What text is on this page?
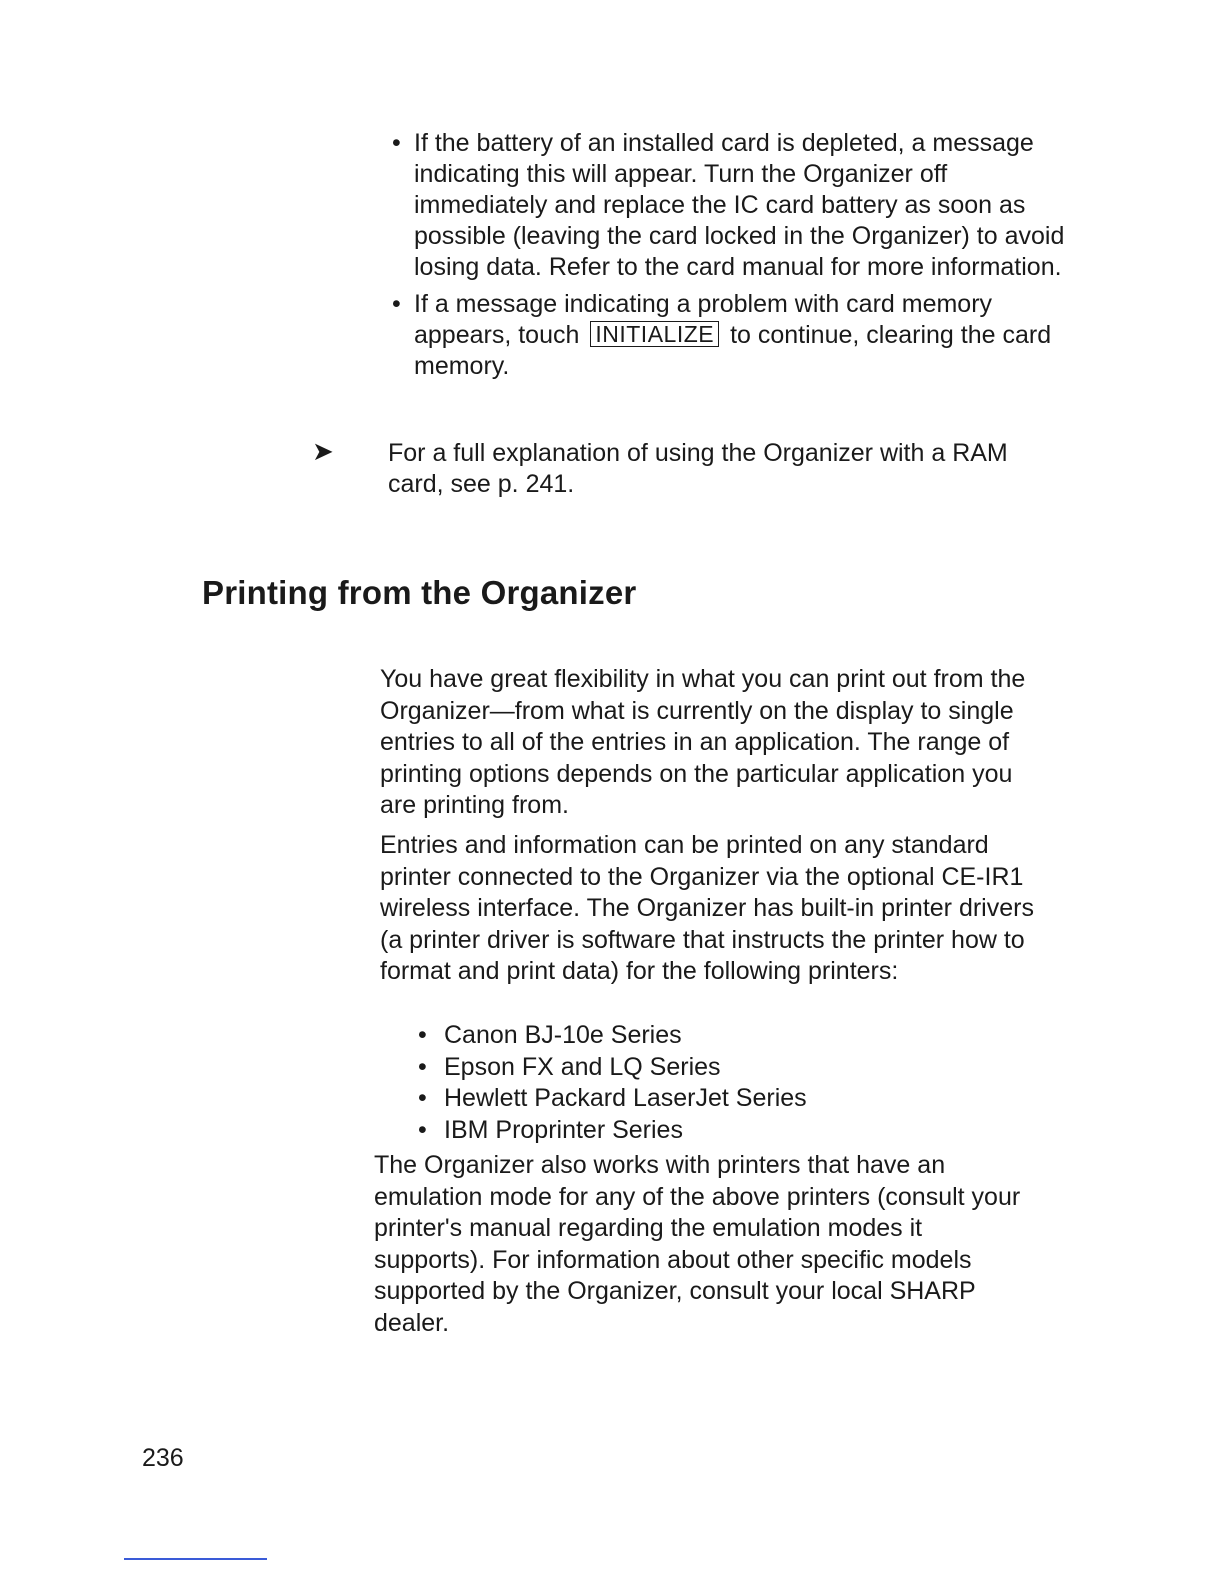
• If the battery of an installed card is depleted, a message indicating this will appear. Turn the Organizer off immediately and replace the IC card battery as soon as possible (leaving the card locked in the Organizer) to avoid losing data. Refer to the card manual for more information.
• If a message indicating a problem with card memory appears, touch INITIALIZE to continue, clearing the card memory.
➤ For a full explanation of using the Organizer with a RAM card, see p. 241.

Printing from the Organizer

You have great flexibility in what you can print out from the Organizer—from what is currently on the display to single entries to all of the entries in an application. The range of printing options depends on the particular application you are printing from.

Entries and information can be printed on any standard printer connected to the Organizer via the optional CE-IR1 wireless interface. The Organizer has built-in printer drivers (a printer driver is software that instructs the printer how to format and print data) for the following printers:

• Canon BJ-10e Series
• Epson FX and LQ Series
• Hewlett Packard LaserJet Series
• IBM Proprinter Series

The Organizer also works with printers that have an emulation mode for any of the above printers (consult your printer's manual regarding the emulation modes it supports). For information about other specific models supported by the Organizer, consult your local SHARP dealer.

236
